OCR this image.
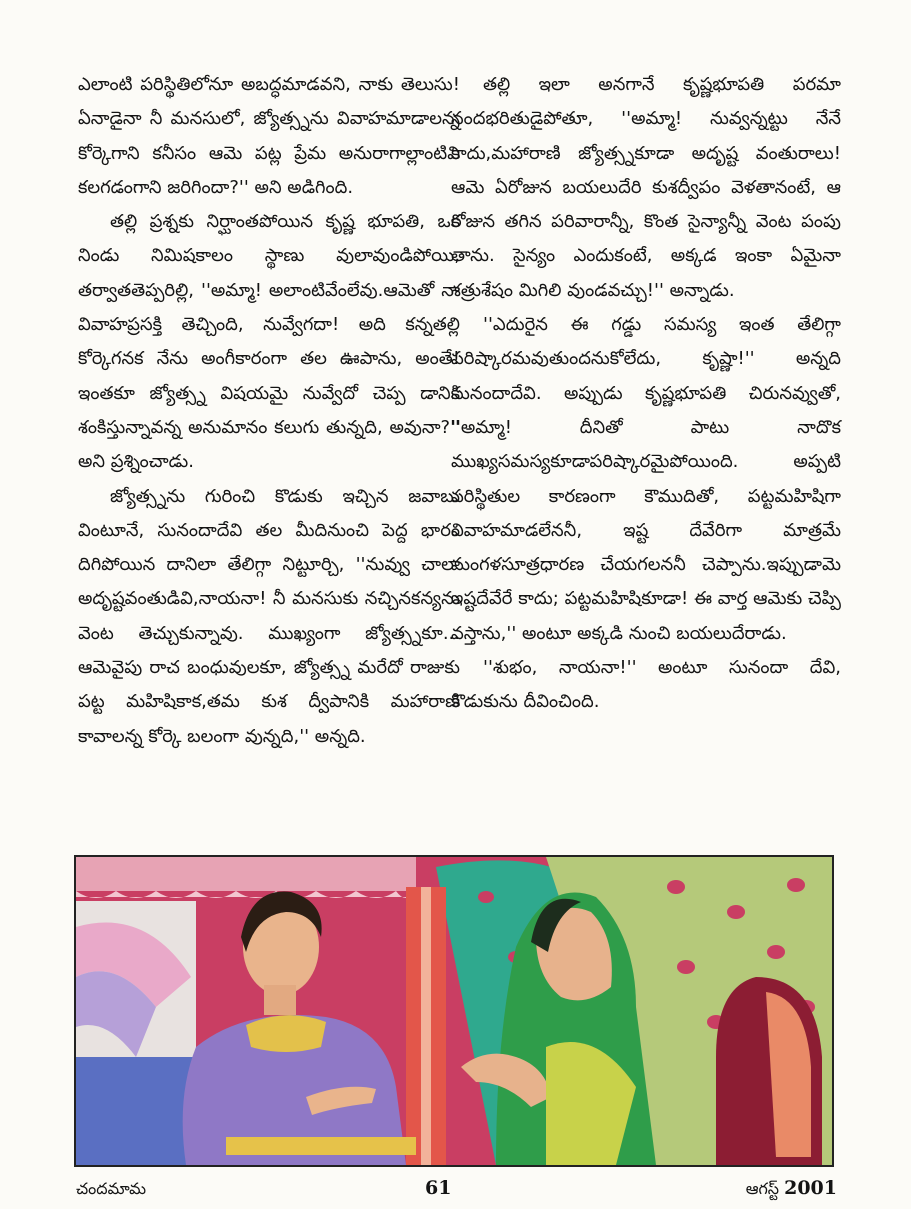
ఎలాంటి పరిస్థితిలోనూ అబద్ధమాడవని, నాకు తెలుసు! ఏనాడైనా నీ మనసులో, జ్యోత్స్నను వివాహమాడాలన్న కోర్కెగాని కనీసం ఆమె పట్ల ప్రేమ అనురాగాల్లాంటివి కలగడంగాని జరిగిందా?'' అని అడిగింది.

తల్లి ప్రశ్నకు నిర్ఘాంతపోయిన కృష్ణ భూపతి, ఒక నిండు నిమిషకాలం స్థాణు వులావుండిపోయి, తర్వాతతెప్పరిల్లి, ''అమ్మా! అలాంటివేంలేవు.ఆమెతో నా వివాహప్రసక్తి తెచ్చింది, నువ్వేగదా! అది కన్నతల్లి కోర్కెగనక నేను అంగీకారంగా తల ఊపాను, అంతే! ఇంతకూ జ్యోత్స్న విషయమై నువ్వేదో చెప్ప డానికి శంకిస్తున్నావన్న అనుమానం కలుగు తున్నది, అవునా?'' అని ప్రశ్నించాడు.

జ్యోత్స్నను గురించి కొడుకు ఇచ్చిన జవాబు వింటూనే, సునందాదేవి తల మీదినుంచి పెద్ద భారం దిగిపోయిన దానిలా తేలిగ్గా నిట్టూర్చి, ''నువ్వు చాలా అదృష్టవంతుడివి,నాయనా! నీ మనసుకు నచ్చినకన్యను వెంట తెచ్చుకున్నావు. ముఖ్యంగా జ్యోత్స్నకూ... ఆమెవైపు రాచ బంధువులకూ, జ్యోత్స్న మరేదో రాజుకు పట్ట మహిషికాక,తమ కుశ ద్వీపానికి మహారాణి కావాలన్న కోర్కె బలంగా వున్నది,'' అన్నది.

తల్లి ఇలా అనగానే కృష్ణభూపతి పరమా నందభరితుడైపోతూ, ''అమ్మా! నువ్వన్నట్టు నేనే కాదు,మహారాణి జ్యోత్స్నకూడా అదృష్ట వంతురాలు! ఆమె ఏరోజున బయలుదేరి కుశద్వీపం వెళతానంటే, ఆ రోజున తగిన పరివారాన్నీ, కొంత సైన్యాన్నీ వెంట పంపు తాను. సైన్యం ఎందుకంటే, అక్కడ ఇంకా ఏమైనా శత్రుశేషం మిగిలి వుండవచ్చు!'' అన్నాడు.

''ఎదురైన ఈ గడ్డు సమస్య ఇంత తేలిగ్గా పరిష్కారమవుతుందనుకోలేదు, కృష్ణా!'' అన్నది సునందాదేవి. అప్పుడు కృష్ణభూపతి చిరునవ్వుతో, ''అమ్మా! దీనితో పాటు నాదొక ముఖ్యసమస్యకూడాపరిష్కారమైపోయింది. అప్పటి పరిస్థితుల కారణంగా కౌముదితో, పట్టమహిషిగా వివాహమాడలేననీ, ఇష్ట దేవేరిగా మాత్రమే మంగళసూత్రధారణ చేయగలననీ చెప్పాను.ఇప్పుడామె ఇష్టదేవేరే కాదు; పట్టమహిషికూడా! ఈ వార్త ఆమెకు చెప్పి వస్తాను,'' అంటూ అక్కడి నుంచి బయలుదేరాడు.

''శుభం, నాయనా!'' అంటూ సునందా దేవి, కొడుకును దీవించింది.

చందమామ	61	ఆగస్ట్ 2001
